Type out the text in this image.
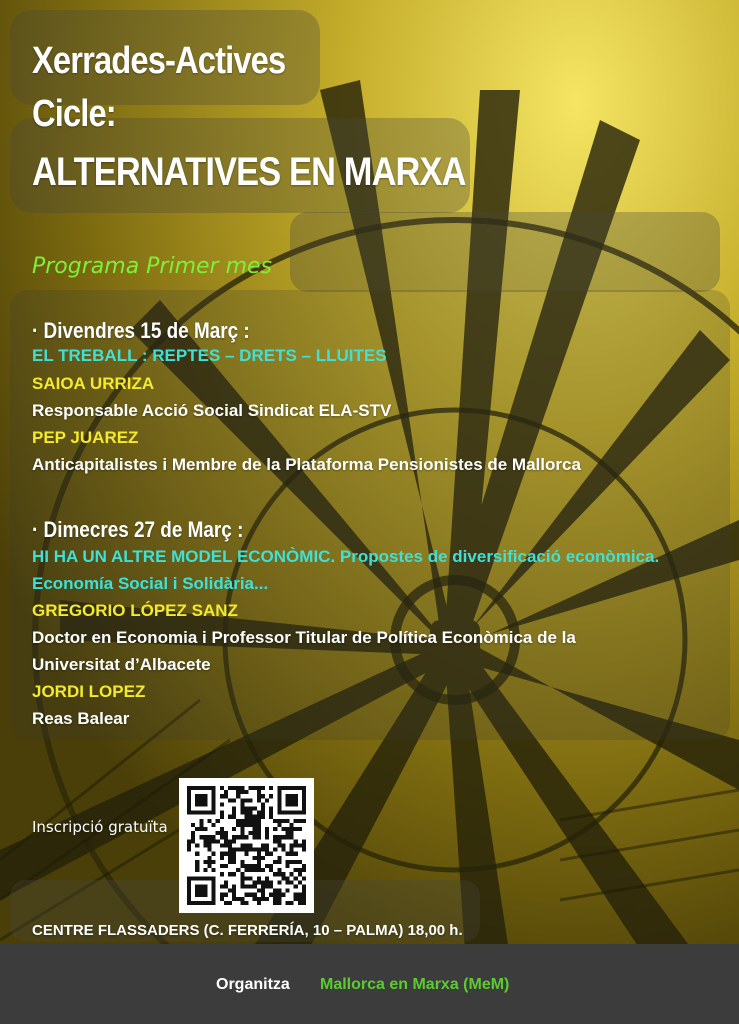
Xerrades-Actives
Cicle:
ALTERNATIVES EN MARXA
Programa Primer mes
· Divendres 15 de Març :
EL TREBALL : REPTES – DRETS – LLUITES
SAIOA URRIZA
Responsable Acció Social Sindicat ELA-STV
PEP JUAREZ
Anticapitalistes i Membre de la Plataforma Pensionistes de Mallorca
· Dimecres 27 de Març :
HI HA UN ALTRE MODEL ECONÒMIC. Propostes de diversificació econòmica.
Economía Social i Solidària...
GREGORIO LÓPEZ SANZ
Doctor en Economia i Professor Titular de Política Econòmica de la
Universitat d’Albacete
JORDI LOPEZ
Reas Balear
Inscripció gratuïta
CENTRE FLASSADERS (C. FERRERÍA, 10 – PALMA) 18,00 h.
Organitza Mallorca en Marxa (MeM)
